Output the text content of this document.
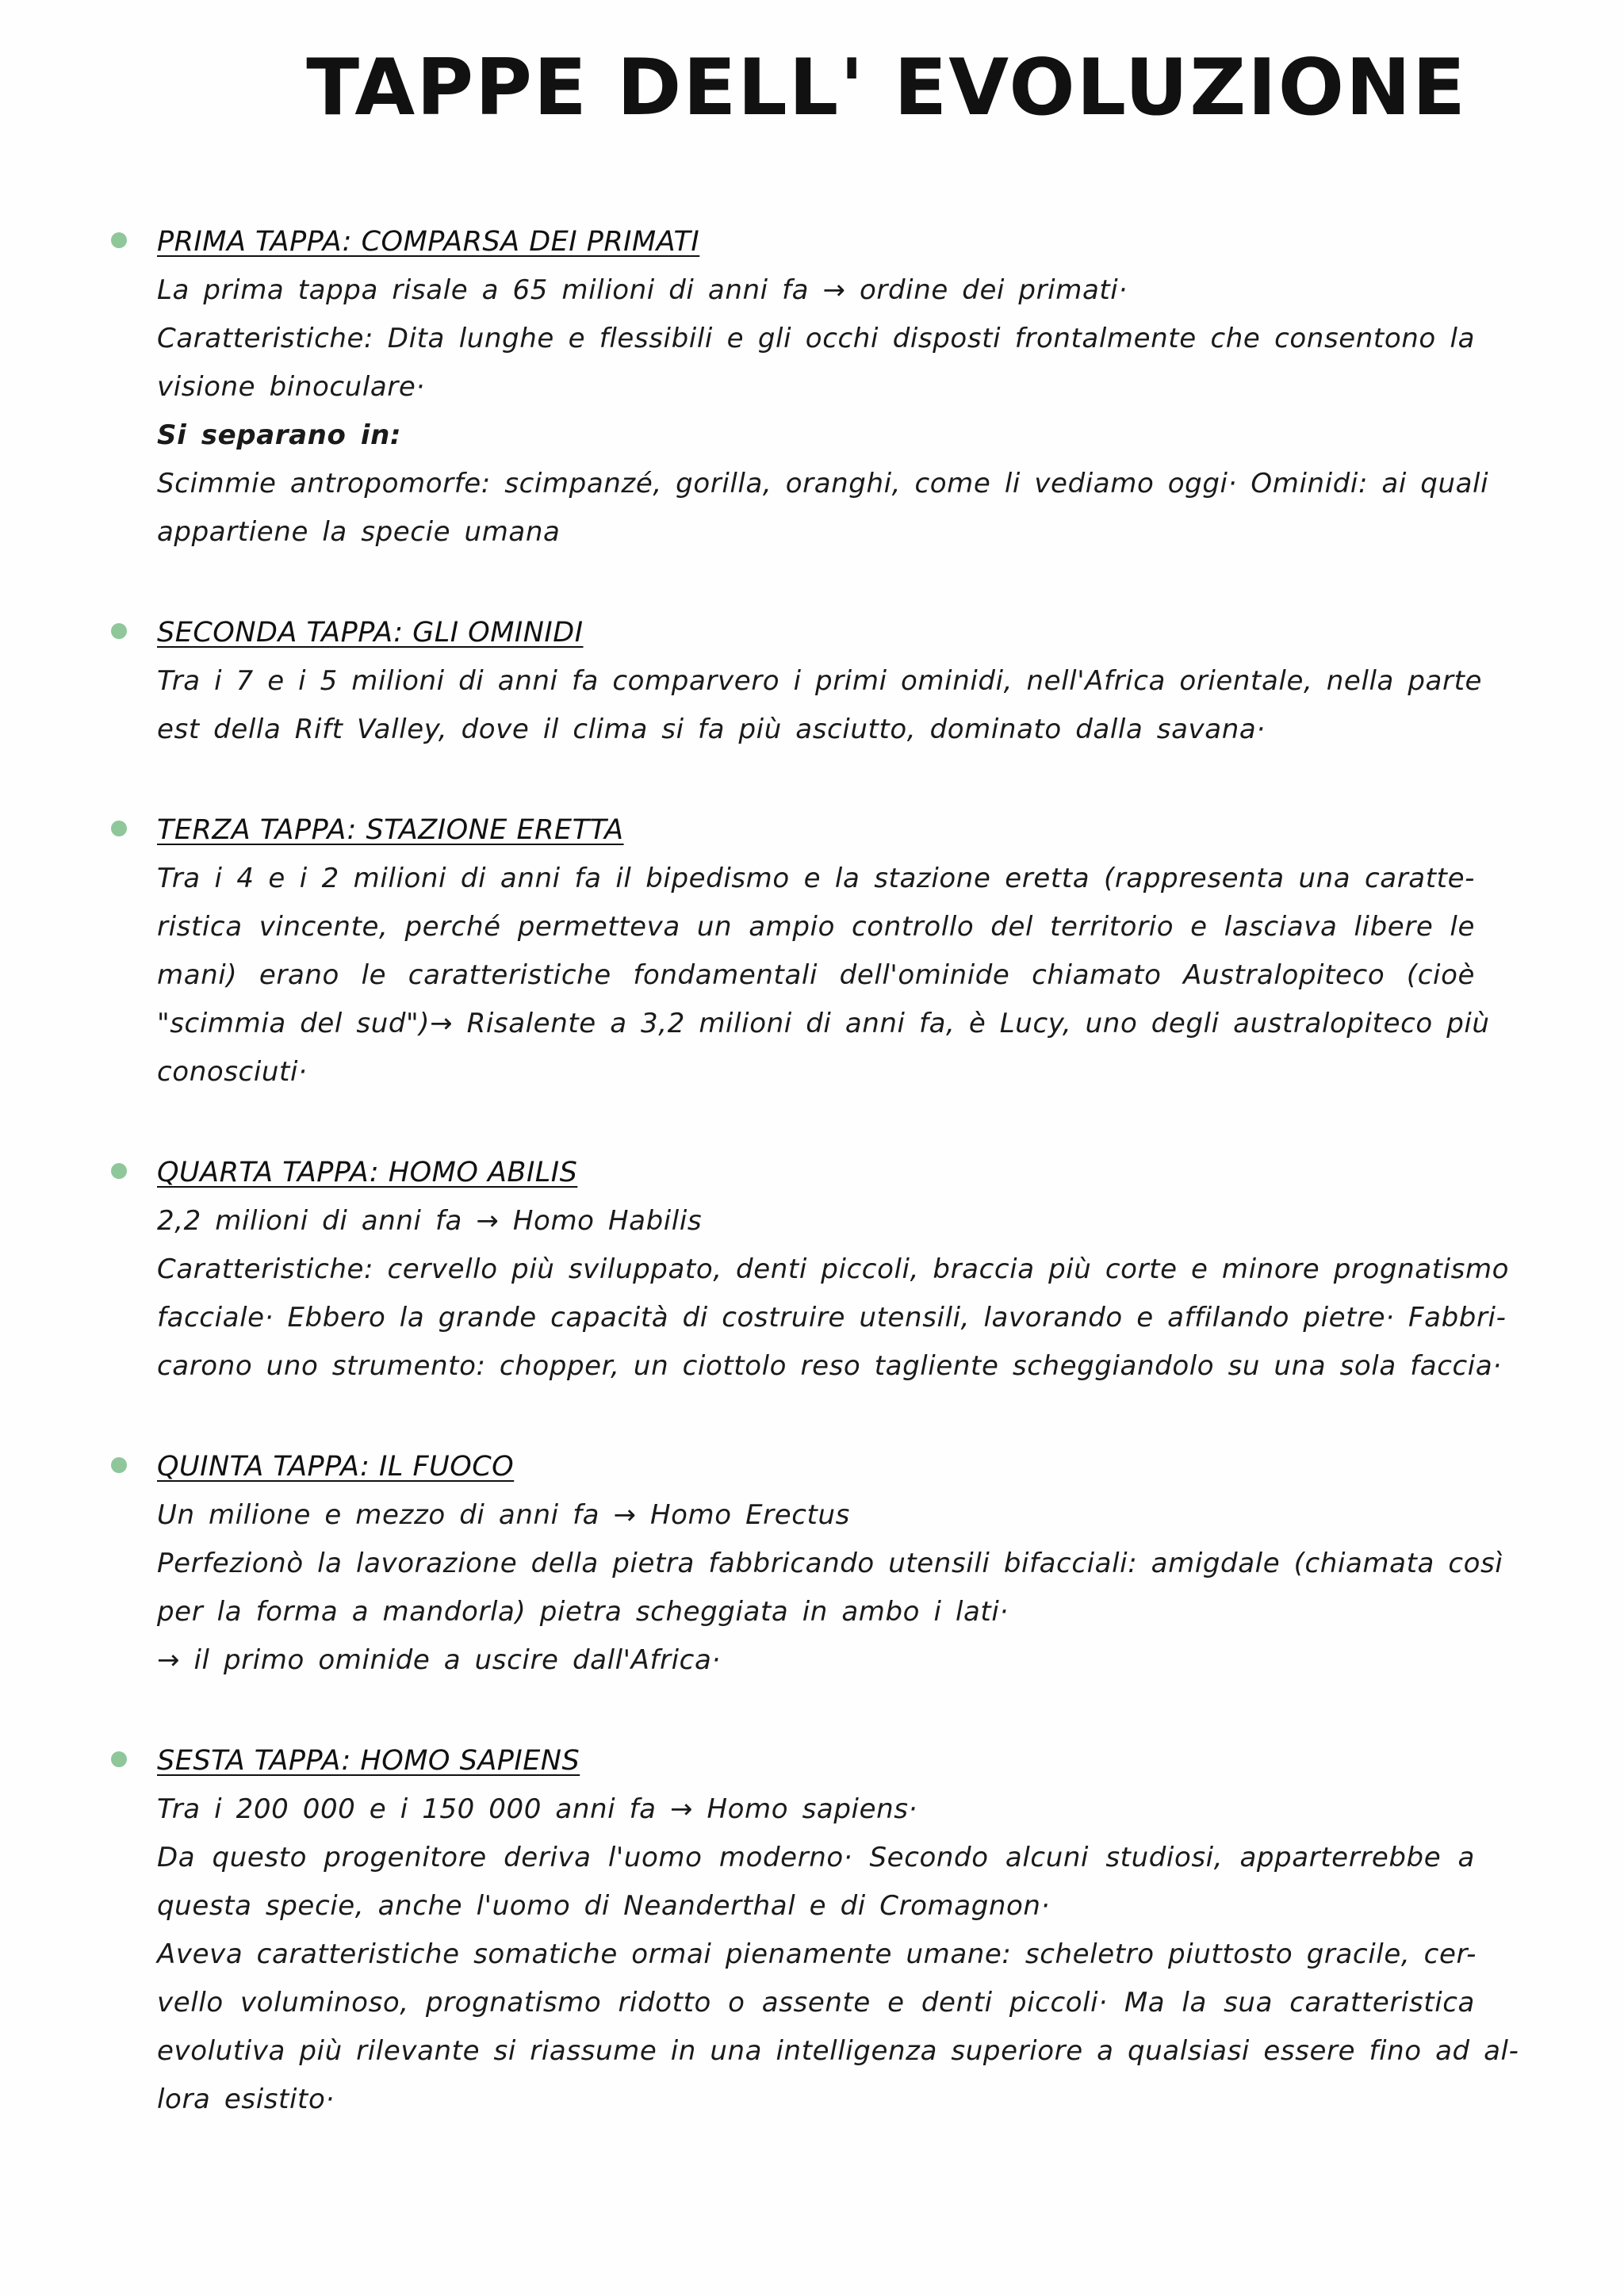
TAPPE DELL' EVOLUZIONE

PRIMA TAPPA: COMPARSA DEI PRIMATI

La prima tappa risale a 65 milioni di anni fa → ordine dei primati·

Caratteristiche: Dita lunghe e flessibili e gli occhi disposti frontalmente che consentono la

visione binoculare·

Si separano in:

Scimmie antropomorfe: scimpanzé, gorilla, oranghi, come li vediamo oggi· Ominidi: ai quali

appartiene la specie umana

SECONDA TAPPA: GLI OMINIDI

Tra i 7 e i 5 milioni di anni fa comparvero i primi ominidi, nell'Africa orientale, nella parte

est della Rift Valley, dove il clima si fa più asciutto, dominato dalla savana·

TERZA TAPPA: STAZIONE ERETTA

Tra i 4 e i 2 milioni di anni fa il bipedismo e la stazione eretta (rappresenta una caratte-

ristica vincente, perché permetteva un ampio controllo del territorio e lasciava libere le

mani) erano le caratteristiche fondamentali dell'ominide chiamato Australopiteco (cioè

"scimmia del sud")→ Risalente a 3,2 milioni di anni fa, è Lucy, uno degli australopiteco più

conosciuti·

QUARTA TAPPA: HOMO ABILIS

2,2 milioni di anni fa → Homo Habilis

Caratteristiche: cervello più sviluppato, denti piccoli, braccia più corte e minore prognatismo

facciale· Ebbero la grande capacità di costruire utensili, lavorando e affilando pietre· Fabbri-

carono uno strumento: chopper, un ciottolo reso tagliente scheggiandolo su una sola faccia·

QUINTA TAPPA: IL FUOCO

Un milione e mezzo di anni fa → Homo Erectus

Perfezionò la lavorazione della pietra fabbricando utensili bifacciali: amigdale (chiamata così

per la forma a mandorla) pietra scheggiata in ambo i lati·

→ il primo ominide a uscire dall'Africa·

SESTA TAPPA: HOMO SAPIENS

Tra i 200 000 e i 150 000 anni fa → Homo sapiens·

Da questo progenitore deriva l'uomo moderno· Secondo alcuni studiosi, apparterrebbe a

questa specie, anche l'uomo di Neanderthal e di Cromagnon·

Aveva caratteristiche somatiche ormai pienamente umane: scheletro piuttosto gracile, cer-

vello voluminoso, prognatismo ridotto o assente e denti piccoli· Ma la sua caratteristica

evolutiva più rilevante si riassume in una intelligenza superiore a qualsiasi essere fino ad al-

lora esistito·
